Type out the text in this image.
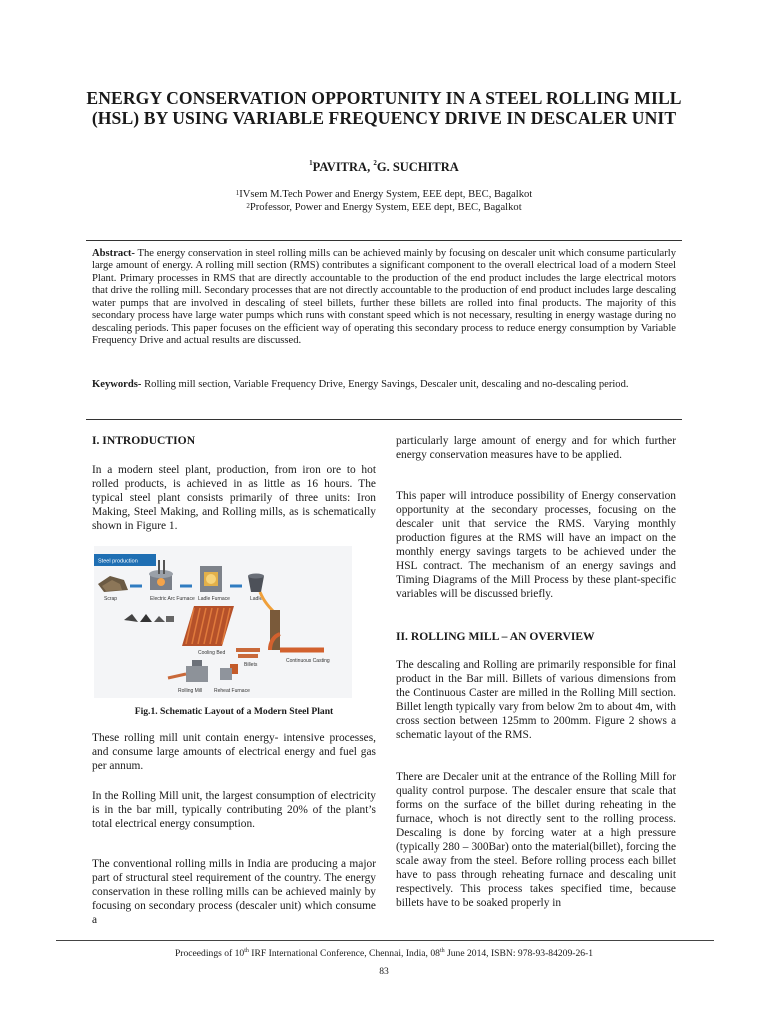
ENERGY CONSERVATION OPPORTUNITY IN A STEEL ROLLING MILL (HSL) BY USING VARIABLE FREQUENCY DRIVE IN DESCALER UNIT
$^1$PAVITRA, $^2$G. SUCHITRA
$^1$IVsem M.Tech Power and Energy System, EEE dept, BEC, Bagalkot
$^2$Professor, Power and Energy System, EEE dept, BEC, Bagalkot
Abstract- The energy conservation in steel rolling mills can be achieved mainly by focusing on descaler unit which consume particularly large amount of energy. A rolling mill section (RMS) contributes a significant component to the overall electrical load of a modern Steel Plant. Primary processes in RMS that are directly accountable to the production of the end product includes the large electrical motors that drive the rolling mill. Secondary processes that are not directly accountable to the production of end product includes large descaling water pumps that are involved in descaling of steel billets, further these billets are rolled into final products. The majority of this secondary process have large water pumps which runs with constant speed which is not necessary, resulting in energy wastage during no descaling periods. This paper focuses on the efficient way of operating this secondary process to reduce energy consumption by Variable Frequency Drive and actual results are discussed.
Keywords- Rolling mill section, Variable Frequency Drive, Energy Savings, Descaler unit, descaling and no-descaling period.
I. INTRODUCTION
In a modern steel plant, production, from iron ore to hot rolled products, is achieved in as little as 16 hours. The typical steel plant consists primarily of three units: Iron Making, Steel Making, and Rolling mills, as is schematically shown in Figure 1.
Steel production
Scrap	Electric Arc Furnace Ladle Furnace	Ladle
Cooling Bed
Continuous Casting
Billets
Reheat Furnace
Rolling Mill
Fig.1. Schematic Layout of a Modern Steel Plant
These rolling mill unit contain energy- intensive processes, and consume large amounts of electrical energy and fuel gas per annum.
In the Rolling Mill unit, the largest consumption of electricity is in the bar mill, typically contributing 20% of the plant’s total electrical energy consumption.
The conventional rolling mills in India are producing a major part of structural steel requirement of the country. The energy conservation in these rolling mills can be achieved mainly by focusing on secondary process (descaler unit) which consume a
particularly large amount of energy and for which further energy conservation measures have to be applied.
This paper will introduce possibility of Energy conservation opportunity at the secondary processes, focusing on the descaler unit that service the RMS. Varying monthly production figures at the RMS will have an impact on the monthly energy savings targets to be achieved under the HSL contract. The mechanism of an energy savings and Timing Diagrams of the Mill Process by these plant-specific variables will be discussed briefly.
II. ROLLING MILL – AN OVERVIEW
The descaling and Rolling are primarily responsible for final product in the Bar mill. Billets of various dimensions from the Continuous Caster are milled in the Rolling Mill section. Billet length typically vary from below 2m to about 4m, with cross section between 125mm to 200mm. Figure 2 shows a schematic layout of the RMS.
There are Decaler unit at the entrance of the Rolling Mill for quality control purpose. The descaler ensure that scale that forms on the surface of the billet during reheating in the furnace, whoch is not directly sent to the rolling process. Descaling is done by forcing water at a high pressure (typically 280 – 300Bar) onto the material(billet), forcing the scale away from the steel. Before rolling process each billet have to pass through reheating furnace and descaling unit respectively. This process takes specified time, because billets have to be soaked properly in
Proceedings of 10th IRF International Conference, Chennai, India, 08th June 2014, ISBN: 978-93-84209-26-1
83
